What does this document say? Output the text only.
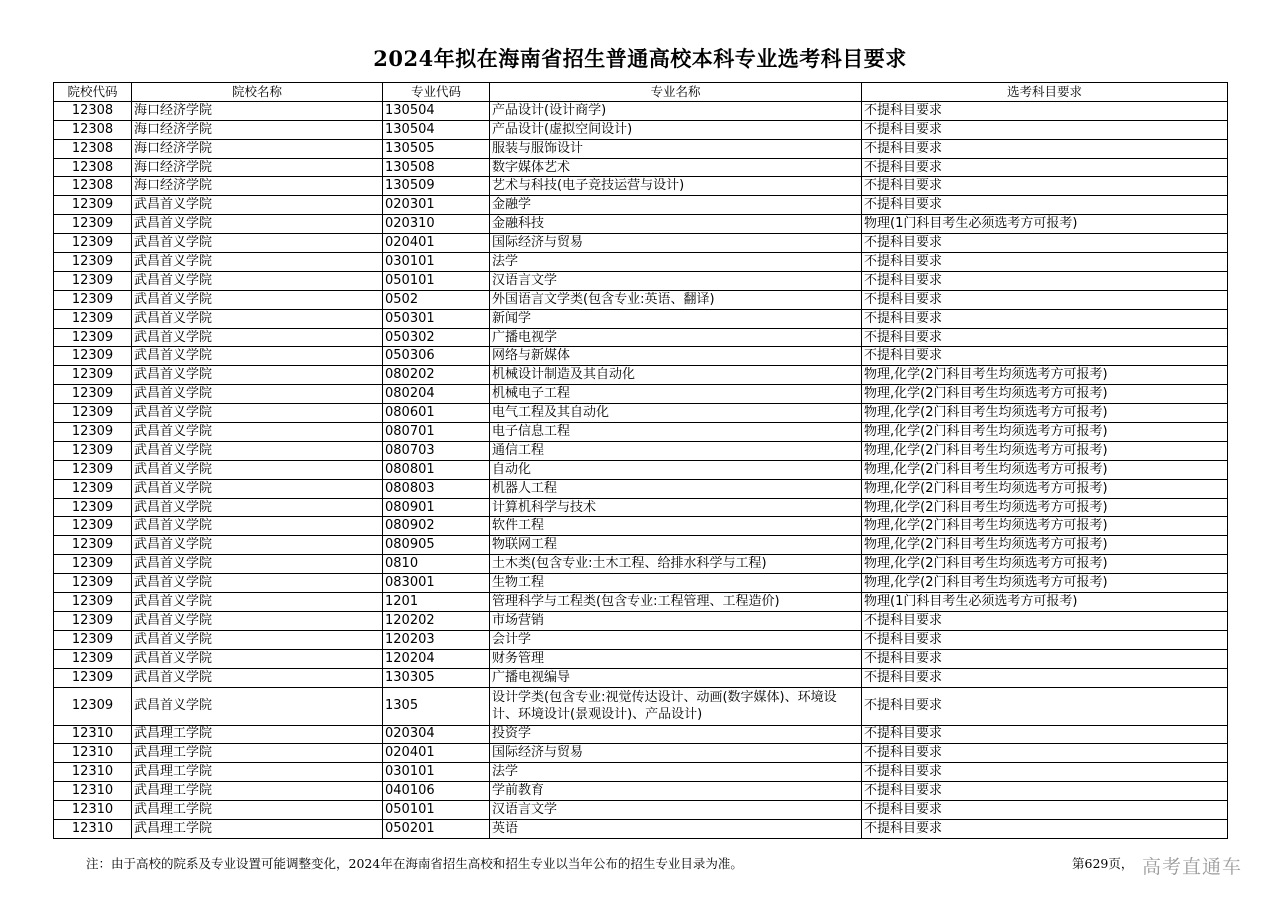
2024年拟在海南省招生普通高校本科专业选考科目要求
院校代码	院校名称	专业代码	专业名称	选考科目要求
12308	海口经济学院	130504	产品设计(设计商学)	不提科目要求
12308	海口经济学院	130504	产品设计(虚拟空间设计)	不提科目要求
12308	海口经济学院	130505	服装与服饰设计	不提科目要求
12308	海口经济学院	130508	数字媒体艺术	不提科目要求
12308	海口经济学院	130509	艺术与科技(电子竞技运营与设计)	不提科目要求
12309	武昌首义学院	020301	金融学	不提科目要求
12309	武昌首义学院	020310	金融科技	物理(1门科目考生必须选考方可报考)
12309	武昌首义学院	020401	国际经济与贸易	不提科目要求
12309	武昌首义学院	030101	法学	不提科目要求
12309	武昌首义学院	050101	汉语言文学	不提科目要求
12309	武昌首义学院	0502	外国语言文学类(包含专业:英语、翻译)	不提科目要求
12309	武昌首义学院	050301	新闻学	不提科目要求
12309	武昌首义学院	050302	广播电视学	不提科目要求
12309	武昌首义学院	050306	网络与新媒体	不提科目要求
12309	武昌首义学院	080202	机械设计制造及其自动化	物理,化学(2门科目考生均须选考方可报考)
12309	武昌首义学院	080204	机械电子工程	物理,化学(2门科目考生均须选考方可报考)
12309	武昌首义学院	080601	电气工程及其自动化	物理,化学(2门科目考生均须选考方可报考)
12309	武昌首义学院	080701	电子信息工程	物理,化学(2门科目考生均须选考方可报考)
12309	武昌首义学院	080703	通信工程	物理,化学(2门科目考生均须选考方可报考)
12309	武昌首义学院	080801	自动化	物理,化学(2门科目考生均须选考方可报考)
12309	武昌首义学院	080803	机器人工程	物理,化学(2门科目考生均须选考方可报考)
12309	武昌首义学院	080901	计算机科学与技术	物理,化学(2门科目考生均须选考方可报考)
12309	武昌首义学院	080902	软件工程	物理,化学(2门科目考生均须选考方可报考)
12309	武昌首义学院	080905	物联网工程	物理,化学(2门科目考生均须选考方可报考)
12309	武昌首义学院	0810	土木类(包含专业:土木工程、给排水科学与工程)	物理,化学(2门科目考生均须选考方可报考)
12309	武昌首义学院	083001	生物工程	物理,化学(2门科目考生均须选考方可报考)
12309	武昌首义学院	1201	管理科学与工程类(包含专业:工程管理、工程造价)	物理(1门科目考生必须选考方可报考)
12309	武昌首义学院	120202	市场营销	不提科目要求
12309	武昌首义学院	120203	会计学	不提科目要求
12309	武昌首义学院	120204	财务管理	不提科目要求
12309	武昌首义学院	130305	广播电视编导	不提科目要求
12309	武昌首义学院	1305	设计学类(包含专业:视觉传达设计、动画(数字媒体)、环境设计、环境设计(景观设计)、产品设计)	不提科目要求
12310	武昌理工学院	020304	投资学	不提科目要求
12310	武昌理工学院	020401	国际经济与贸易	不提科目要求
12310	武昌理工学院	030101	法学	不提科目要求
12310	武昌理工学院	040106	学前教育	不提科目要求
12310	武昌理工学院	050101	汉语言文学	不提科目要求
12310	武昌理工学院	050201	英语	不提科目要求
注：由于高校的院系及专业设置可能调整变化，2024年在海南省招生高校和招生专业以当年公布的招生专业目录为准。	第629页， 高考直通车
